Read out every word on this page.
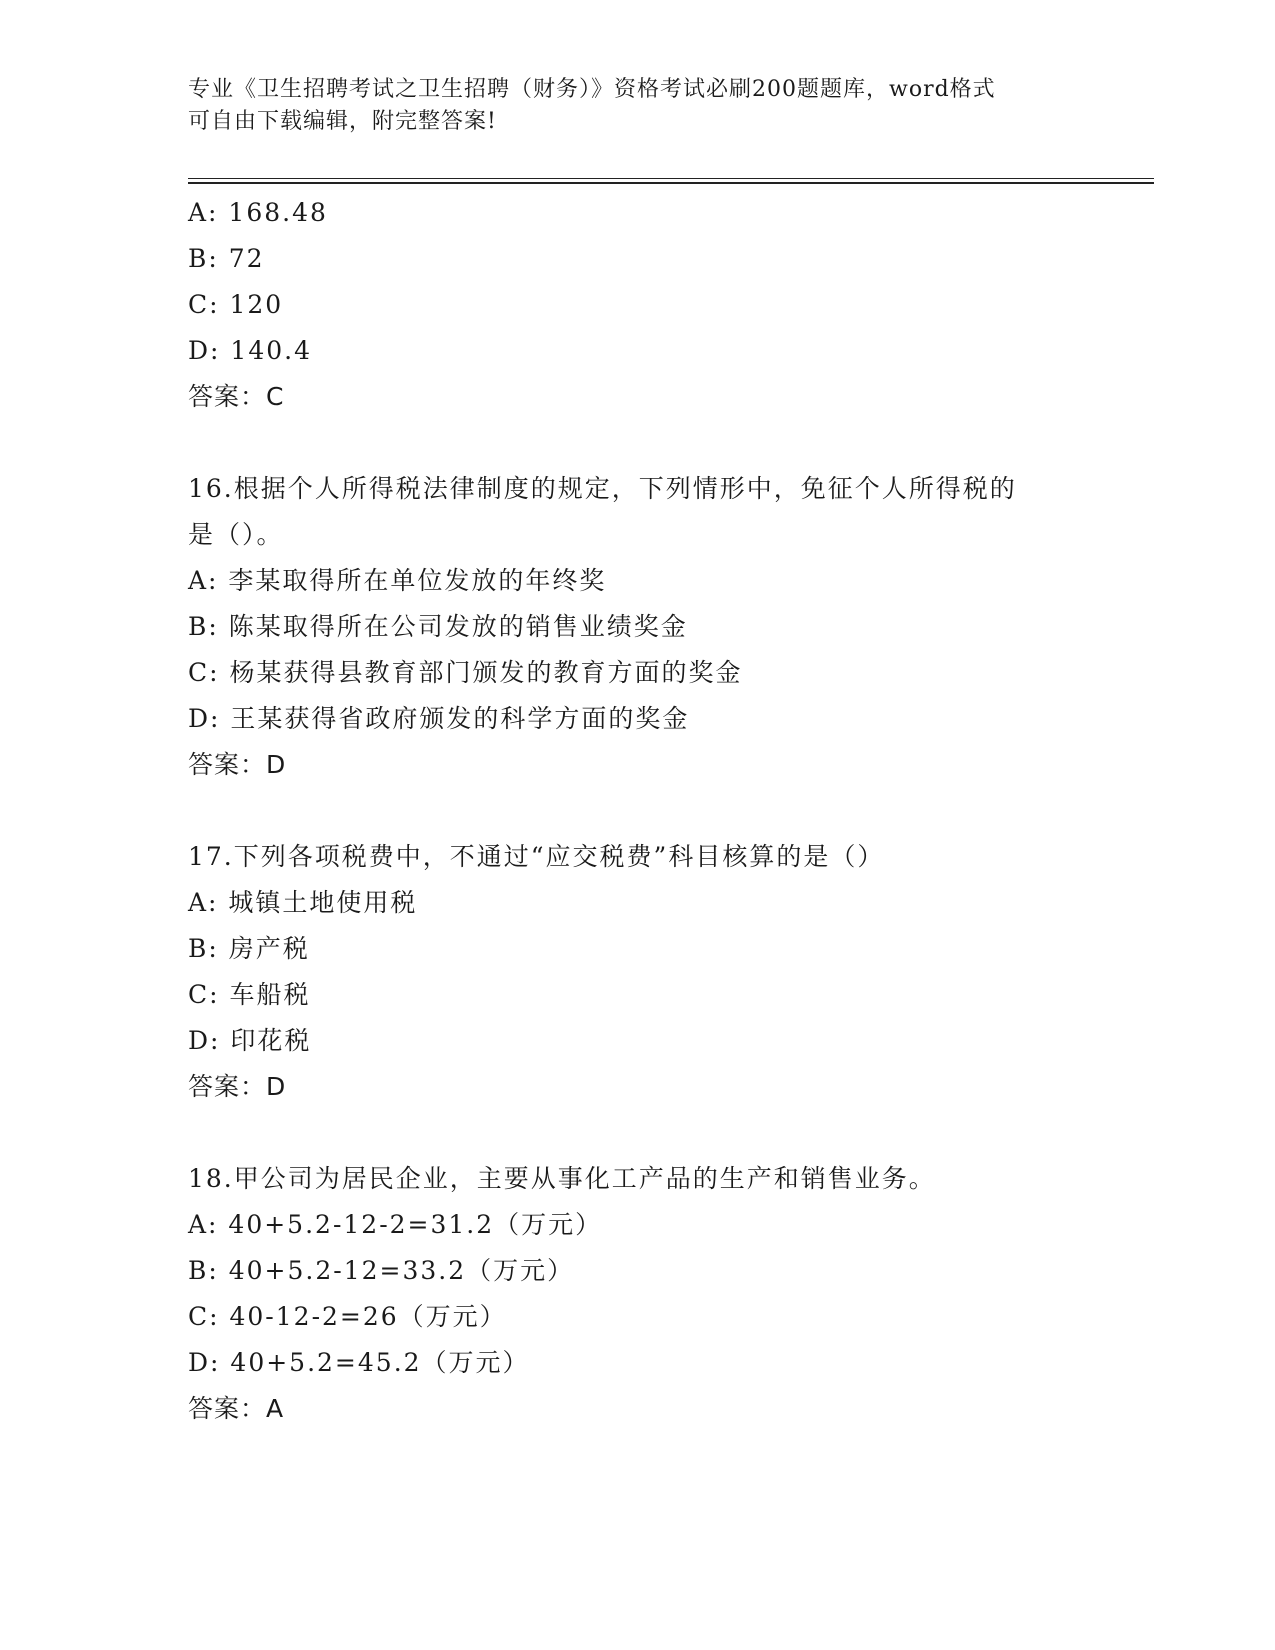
专业《卫生招聘考试之卫生招聘（财务）》资格考试必刷200题题库，word格式
可自由下载编辑，附完整答案!
A: 168.48
B: 72
C: 120
D: 140.4
答案：C
16.根据个人所得税法律制度的规定，下列情形中，免征个人所得税的
是（）。
A: 李某取得所在单位发放的年终奖
B: 陈某取得所在公司发放的销售业绩奖金
C: 杨某获得县教育部门颁发的教育方面的奖金
D: 王某获得省政府颁发的科学方面的奖金
答案：D
17.下列各项税费中，不通过“应交税费”科目核算的是（）
A: 城镇土地使用税
B: 房产税
C: 车船税
D: 印花税
答案：D
18.甲公司为居民企业，主要从事化工产品的生产和销售业务。
A: 40+5.2-12-2=31.2（万元）
B: 40+5.2-12=33.2（万元）
C: 40-12-2=26（万元）
D: 40+5.2=45.2（万元）
答案：A
